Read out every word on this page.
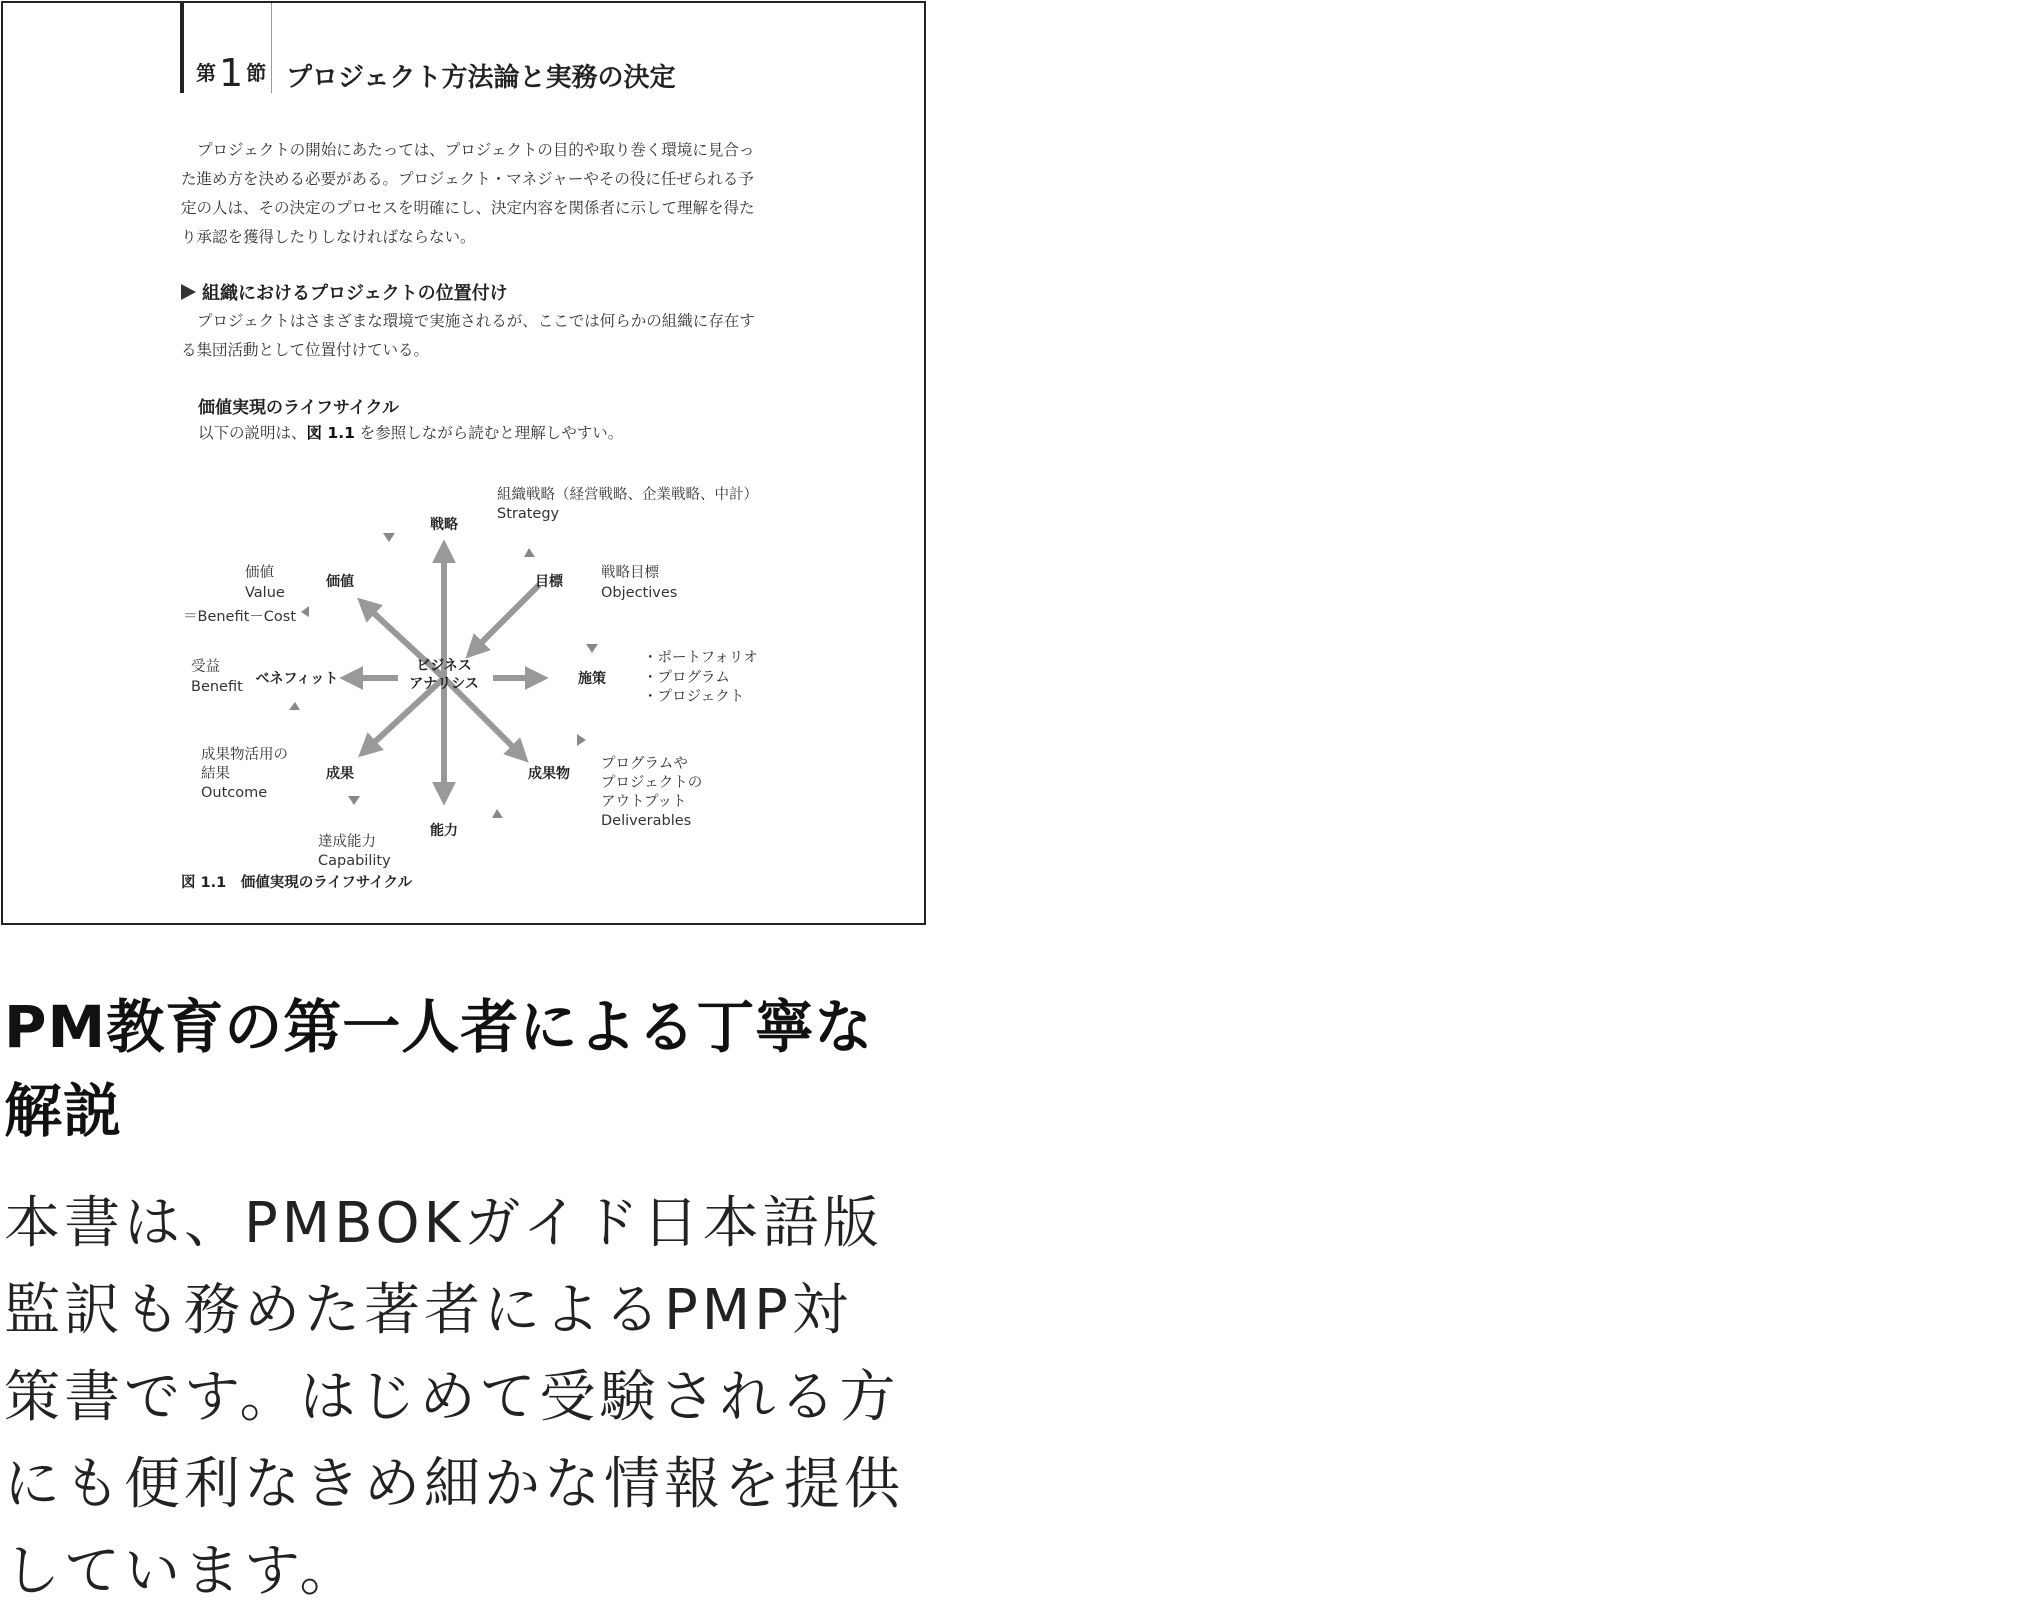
第1 節 プロジェクト方法論と実務の決定
プロジェクトの開始にあたっては、プロジェクトの目的や取り巻く環境に見合っ
た進め方を決める必要がある。プロジェクト・マネジャーやその役に任ぜられる予
定の人は、その決定のプロセスを明確にし、決定内容を関係者に示して理解を得た
り承認を獲得したりしなければならない。
組織におけるプロジェクトの位置付け
プロジェクトはさまざまな環境で実施されるが、ここでは何らかの組織に存在す
る集団活動として位置付けている。
価値実現のライフサイクル
以下の説明は、図 1.1 を参照しながら読むと理解しやすい。
ビジネス
アナリシス
戦略
目標
施策
成果物
能力
成果
ベネフィット
価値
組織戦略（経営戦略、企業戦略、中計）
Strategy
戦略目標
Objectives
・ポートフォリオ
・プログラム
・プロジェクト
プログラムや
プロジェクトの
アウトプット
Deliverables
達成能力
Capability
成果物活用の
結果
Outcome
受益
Benefit
価値
Value
＝Benefit－Cost
図 1.1　価値実現のライフサイクル
PM教育の第一人者による丁寧な
解説
本書は、PMBOKガイド日本語版
監訳も務めた著者によるPMP対
策書です。はじめて受験される方
にも便利なきめ細かな情報を提供
しています。
